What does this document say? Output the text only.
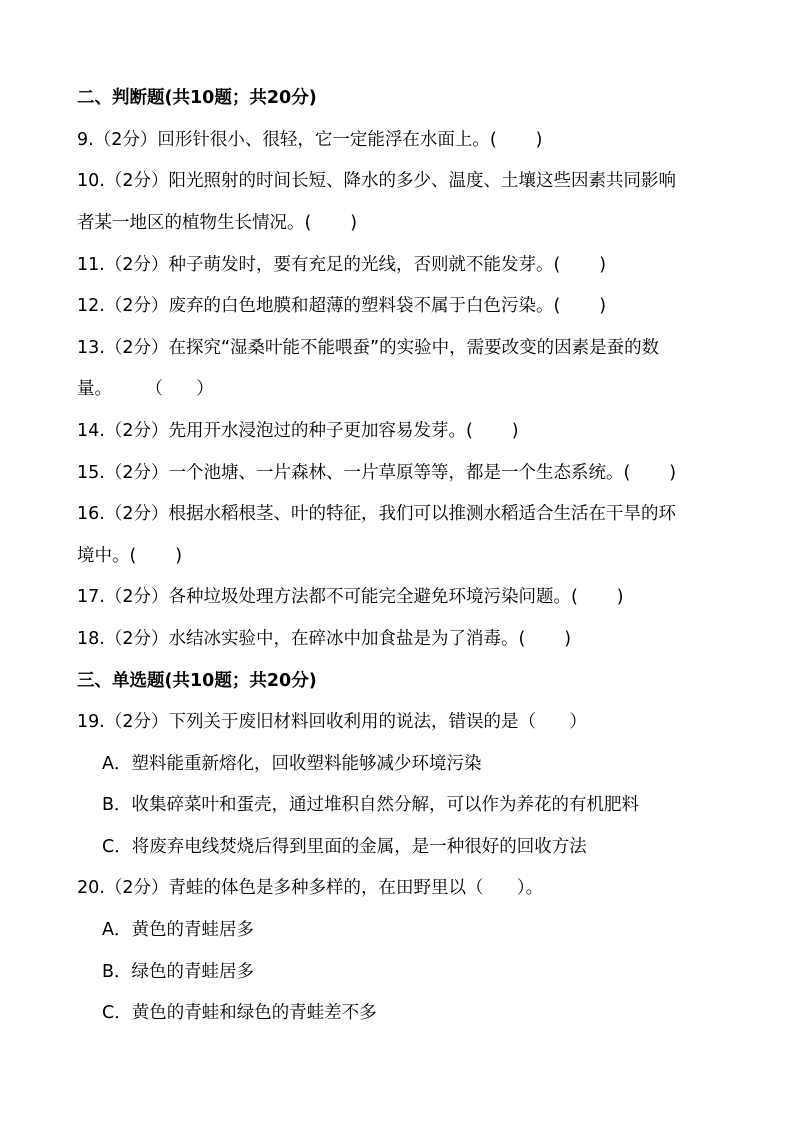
二、判断题(共10题；共20分)
9.（2分）回形针很小、很轻，它一定能浮在水面上。(       )
10.（2分）阳光照射的时间长短、降水的多少、温度、土壤这些因素共同影响
者某一地区的植物生长情况。(       )
11.（2分）种子萌发时，要有充足的光线，否则就不能发芽。(       )
12.（2分）废弃的白色地膜和超薄的塑料袋不属于白色污染。(       )
13.（2分）在探究“湿桑叶能不能喂蚕”的实验中，需要改变的因素是蚕的数
量。      （      ）
14.（2分）先用开水浸泡过的种子更加容易发芽。(       )
15.（2分）一个池塘、一片森林、一片草原等等，都是一个生态系统。(       )
16.（2分）根据水稻根茎、叶的特征，我们可以推测水稻适合生活在干旱的环
境中。(       )
17.（2分）各种垃圾处理方法都不可能完全避免环境污染问题。(       )
18.（2分）水结冰实验中，在碎冰中加食盐是为了消毒。(       )
三、单选题(共10题；共20分)
19.（2分）下列关于废旧材料回收利用的说法，错误的是（      ）
A．塑料能重新熔化，回收塑料能够减少环境污染
B．收集碎菜叶和蛋壳，通过堆积自然分解，可以作为养花的有机肥料
C．将废弃电线焚烧后得到里面的金属，是一种很好的回收方法
20.（2分）青蛙的体色是多种多样的，在田野里以（      ）。
A．黄色的青蛙居多
B．绿色的青蛙居多
C．黄色的青蛙和绿色的青蛙差不多
